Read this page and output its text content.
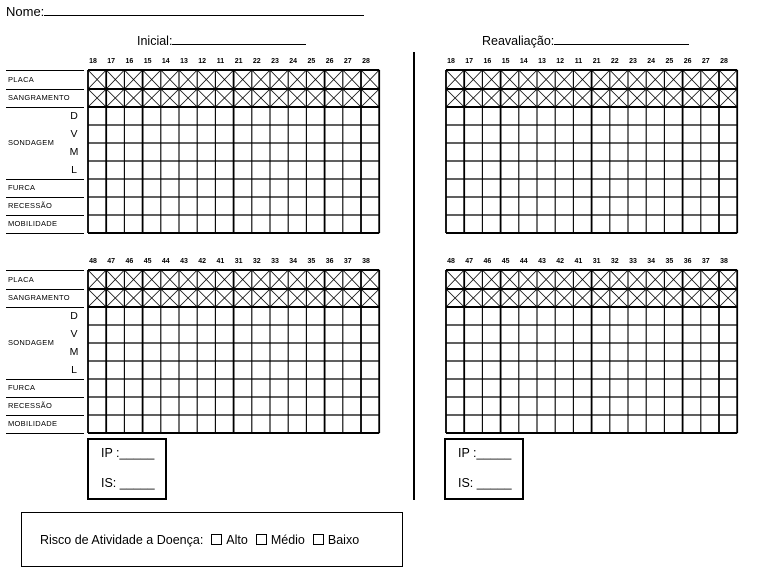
Nome:
Inicial:	Reavaliação:
PLACA
SANGRAMENTO
SONDAGEM
D
V
M
L
FURCA
RECESSÃO
MOBILIDADE
PLACA
SANGRAMENTO
SONDAGEM
D
V
M
L
FURCA
RECESSÃO
MOBILIDADE
18	17	16	15	14	13	12	11	21	22	23	24	25	26	27	28	18	17	16	15	14	13	12	11	21	22	23	24	25	26	27	28
48	47	46	45	44	43	42	41	31	32	33	34	35	36	37	38	48	47	46	45	44	43	42	41	31	32	33	34	35	36	37	38
IP :_____
IS: _____
IP :_____
IS: _____
Risco de Atividade a Doença: Alto Médio Baixo
